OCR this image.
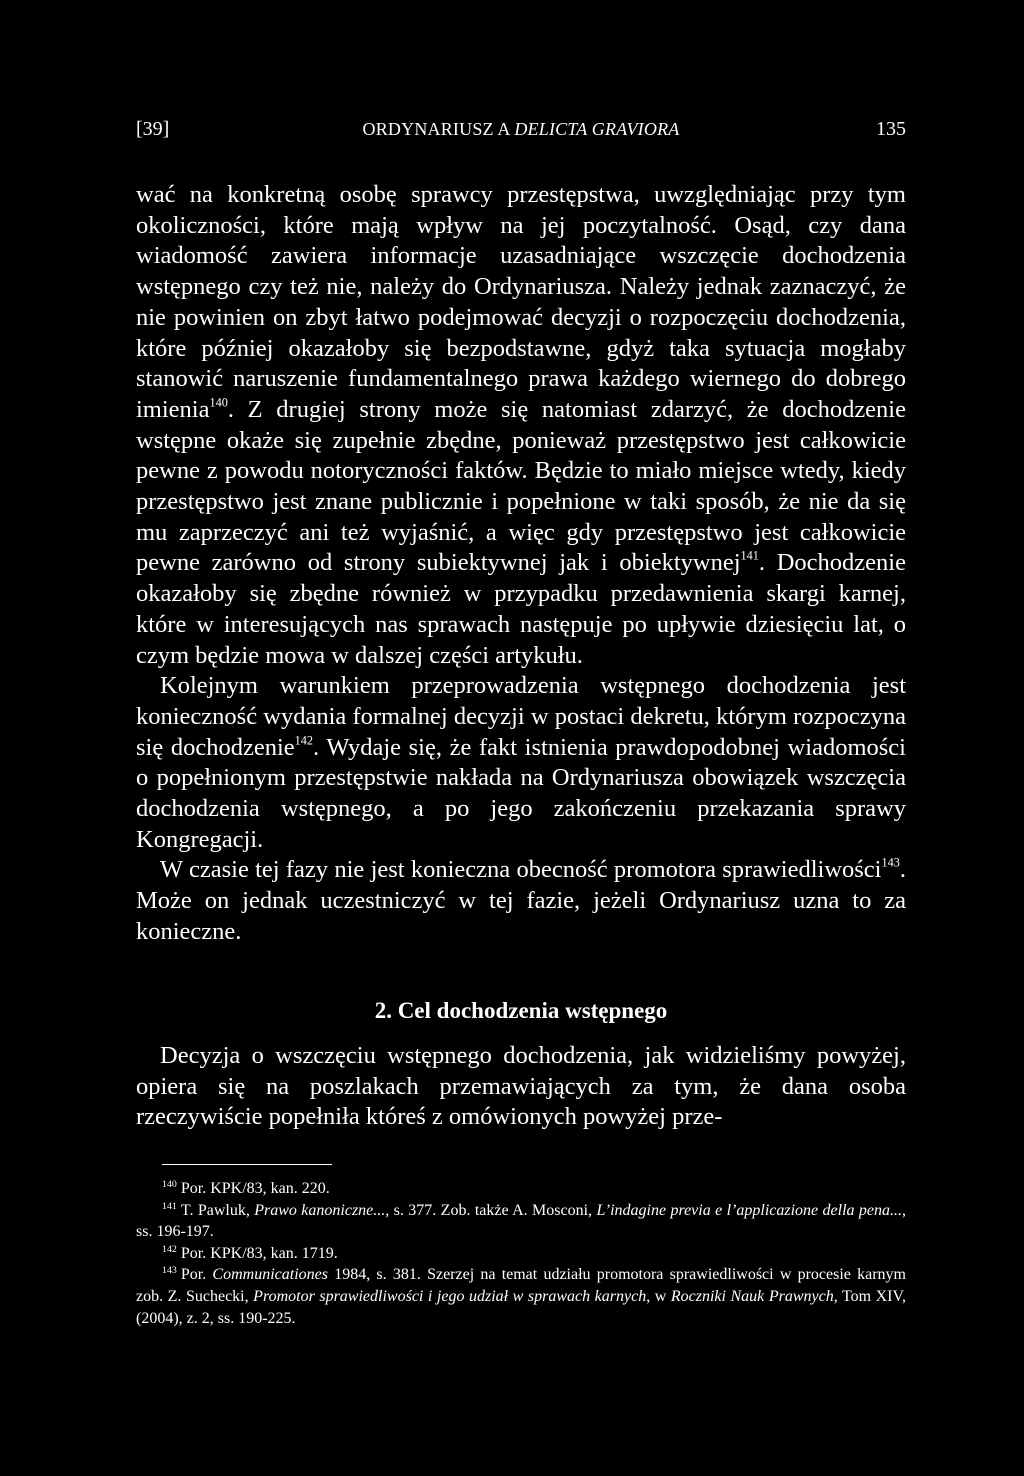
[39]	ORDYNARIUSZ A DELICTA GRAVIORA	135

wać na konkretną osobę sprawcy przestępstwa, uwzględniając przy tym okoliczności, które mają wpływ na jej poczytalność. Osąd, czy dana wiadomość zawiera informacje uzasadniające wszczęcie dochodzenia wstępnego czy też nie, należy do Ordynariusza. Należy jednak zaznaczyć, że nie powinien on zbyt łatwo podejmować decyzji o rozpoczęciu dochodzenia, które później okazałoby się bezpodstawne, gdyż taka sytuacja mogłaby stanowić naruszenie fundamentalnego prawa każdego wiernego do dobrego imienia$^{140}$. Z drugiej strony może się natomiast zdarzyć, że dochodzenie wstępne okaże się zupełnie zbędne, ponieważ przestępstwo jest całkowicie pewne z powodu notoryczności faktów. Będzie to miało miejsce wtedy, kiedy przestępstwo jest znane publicznie i popełnione w taki sposób, że nie da się mu zaprzeczyć ani też wyjaśnić, a więc gdy przestępstwo jest całkowicie pewne zarówno od strony subiektywnej jak i obiektywnej$^{141}$. Dochodzenie okazałoby się zbędne również w przypadku przedawnienia skargi karnej, które w interesujących nas sprawach następuje po upływie dziesięciu lat, o czym będzie mowa w dalszej części artykułu.

Kolejnym warunkiem przeprowadzenia wstępnego dochodzenia jest konieczność wydania formalnej decyzji w postaci dekretu, którym rozpoczyna się dochodzenie$^{142}$. Wydaje się, że fakt istnienia prawdopodobnej wiadomości o popełnionym przestępstwie nakłada na Ordynariusza obowiązek wszczęcia dochodzenia wstępnego, a po jego zakończeniu przekazania sprawy Kongregacji.

W czasie tej fazy nie jest konieczna obecność promotora sprawiedliwości$^{143}$. Może on jednak uczestniczyć w tej fazie, jeżeli Ordynariusz uzna to za konieczne.

2. Cel dochodzenia wstępnego
Decyzja o wszczęciu wstępnego dochodzenia, jak widzieliśmy powyżej, opiera się na poszlakach przemawiających za tym, że dana osoba rzeczywiście popełniła któreś z omówionych powyżej prze-

$^{140}$ Por. KPK/83, kan. 220.

$^{141}$ T. Pawluk, Prawo kanoniczne..., s. 377. Zob. także A. Mosconi, L’indagine previa e l’applicazione della pena..., ss. 196-197.

$^{142}$ Por. KPK/83, kan. 1719.

$^{143}$ Por. Communicationes 1984, s. 381. Szerzej na temat udziału promotora sprawiedliwości w procesie karnym zob. Z. Suchecki, Promotor sprawiedliwości i jego udział w sprawach karnych, w Roczniki Nauk Prawnych, Tom XIV, (2004), z. 2, ss. 190-225.
